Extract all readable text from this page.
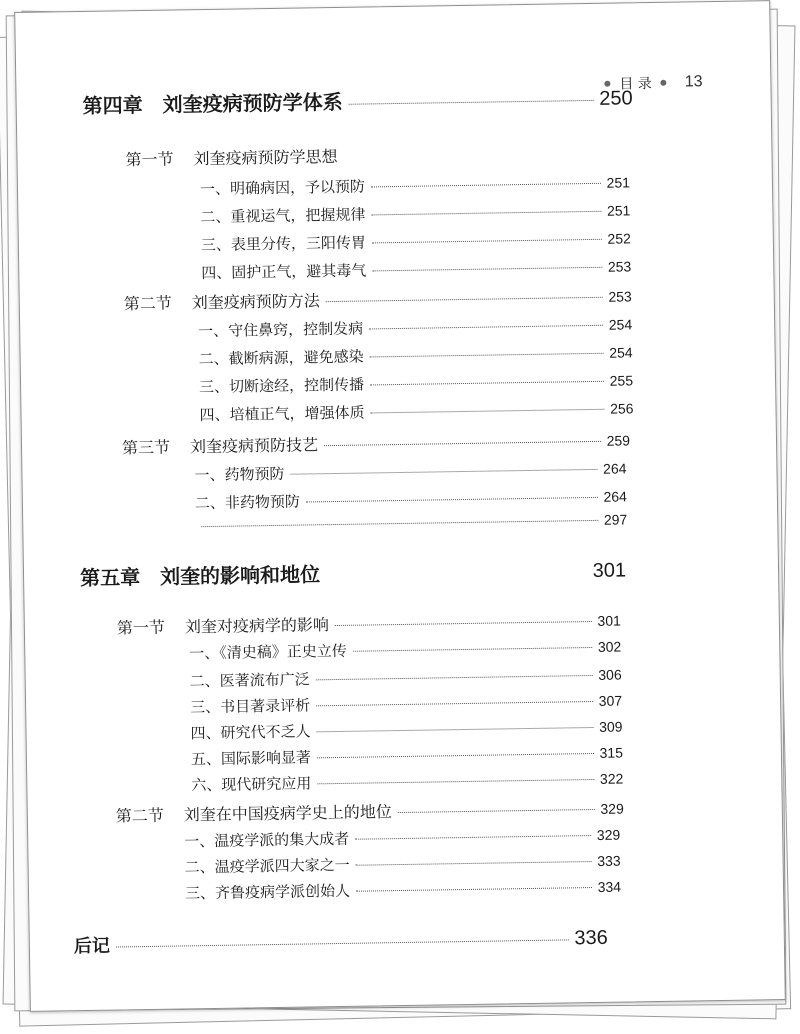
目 录 13
第四章 刘奎疫病预防学体系	250
第一节 刘奎疫病预防学思想
一、明确病因，予以预防	251
二、重视运气，把握规律	251
三、表里分传，三阳传胃	252
四、固护正气，避其毒气	253
第二节 刘奎疫病预防方法	253
一、守住鼻窍，控制发病	254
二、截断病源，避免感染	254
三、切断途经，控制传播	255
四、培植正气，增强体质	256
第三节 刘奎疫病预防技艺	259
一、药物预防	264
二、非药物预防	264
297
第五章 刘奎的影响和地位	301
第一节 刘奎对疫病学的影响	301
一、《清史稿》正史立传	302
二、医著流布广泛	306
三、书目著录评析	307
四、研究代不乏人	309
五、国际影响显著	315
六、现代研究应用	322
第二节 刘奎在中国疫病学史上的地位	329
一、温疫学派的集大成者	329
二、温疫学派四大家之一	333
三、齐鲁疫病学派创始人	334
后记	336
